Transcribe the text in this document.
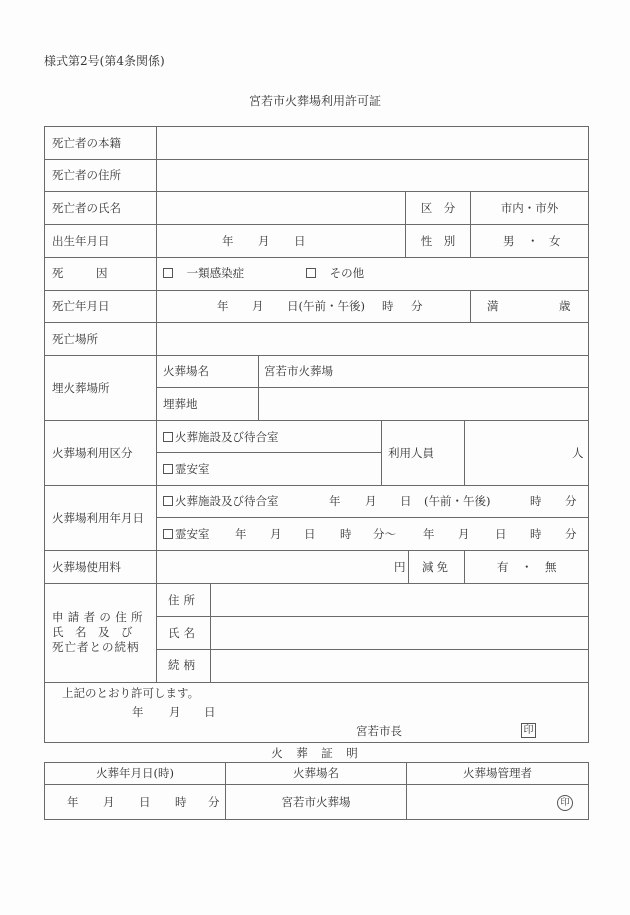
様式第2号(第4条関係)
宮若市火葬場利用許可証
死亡者の本籍
死亡者の住所
死亡者の氏名	区　分	市内・市外
出生年月日	年 月 日	性　別	男 ・ 女
死	因	一類感染症	その他
死亡年月日	年 月 日(午前・午後) 時 分	満	歳
死亡場所
埋火葬場所
火葬場名	宮若市火葬場
埋葬地
火葬場利用区分
火葬施設及び待合室
霊安室
利用人員	人
火葬場利用年月日
火葬施設及び待合室	年 月 日 (午前・午後)	時 分
霊安室 年 月 日 時 分〜 年 月 日 時 分
火葬場使用料	円	減免	有 ・ 無
申請者の住所
氏　名　及　び
死亡者との続柄
住所
氏名
続柄
上記のとおり許可します。
年 月 日
宮若市長	印
火　葬　証　明
火葬年月日(時)	火葬場名	火葬場管理者
年 月 日 時 分	宮若市火葬場	印
